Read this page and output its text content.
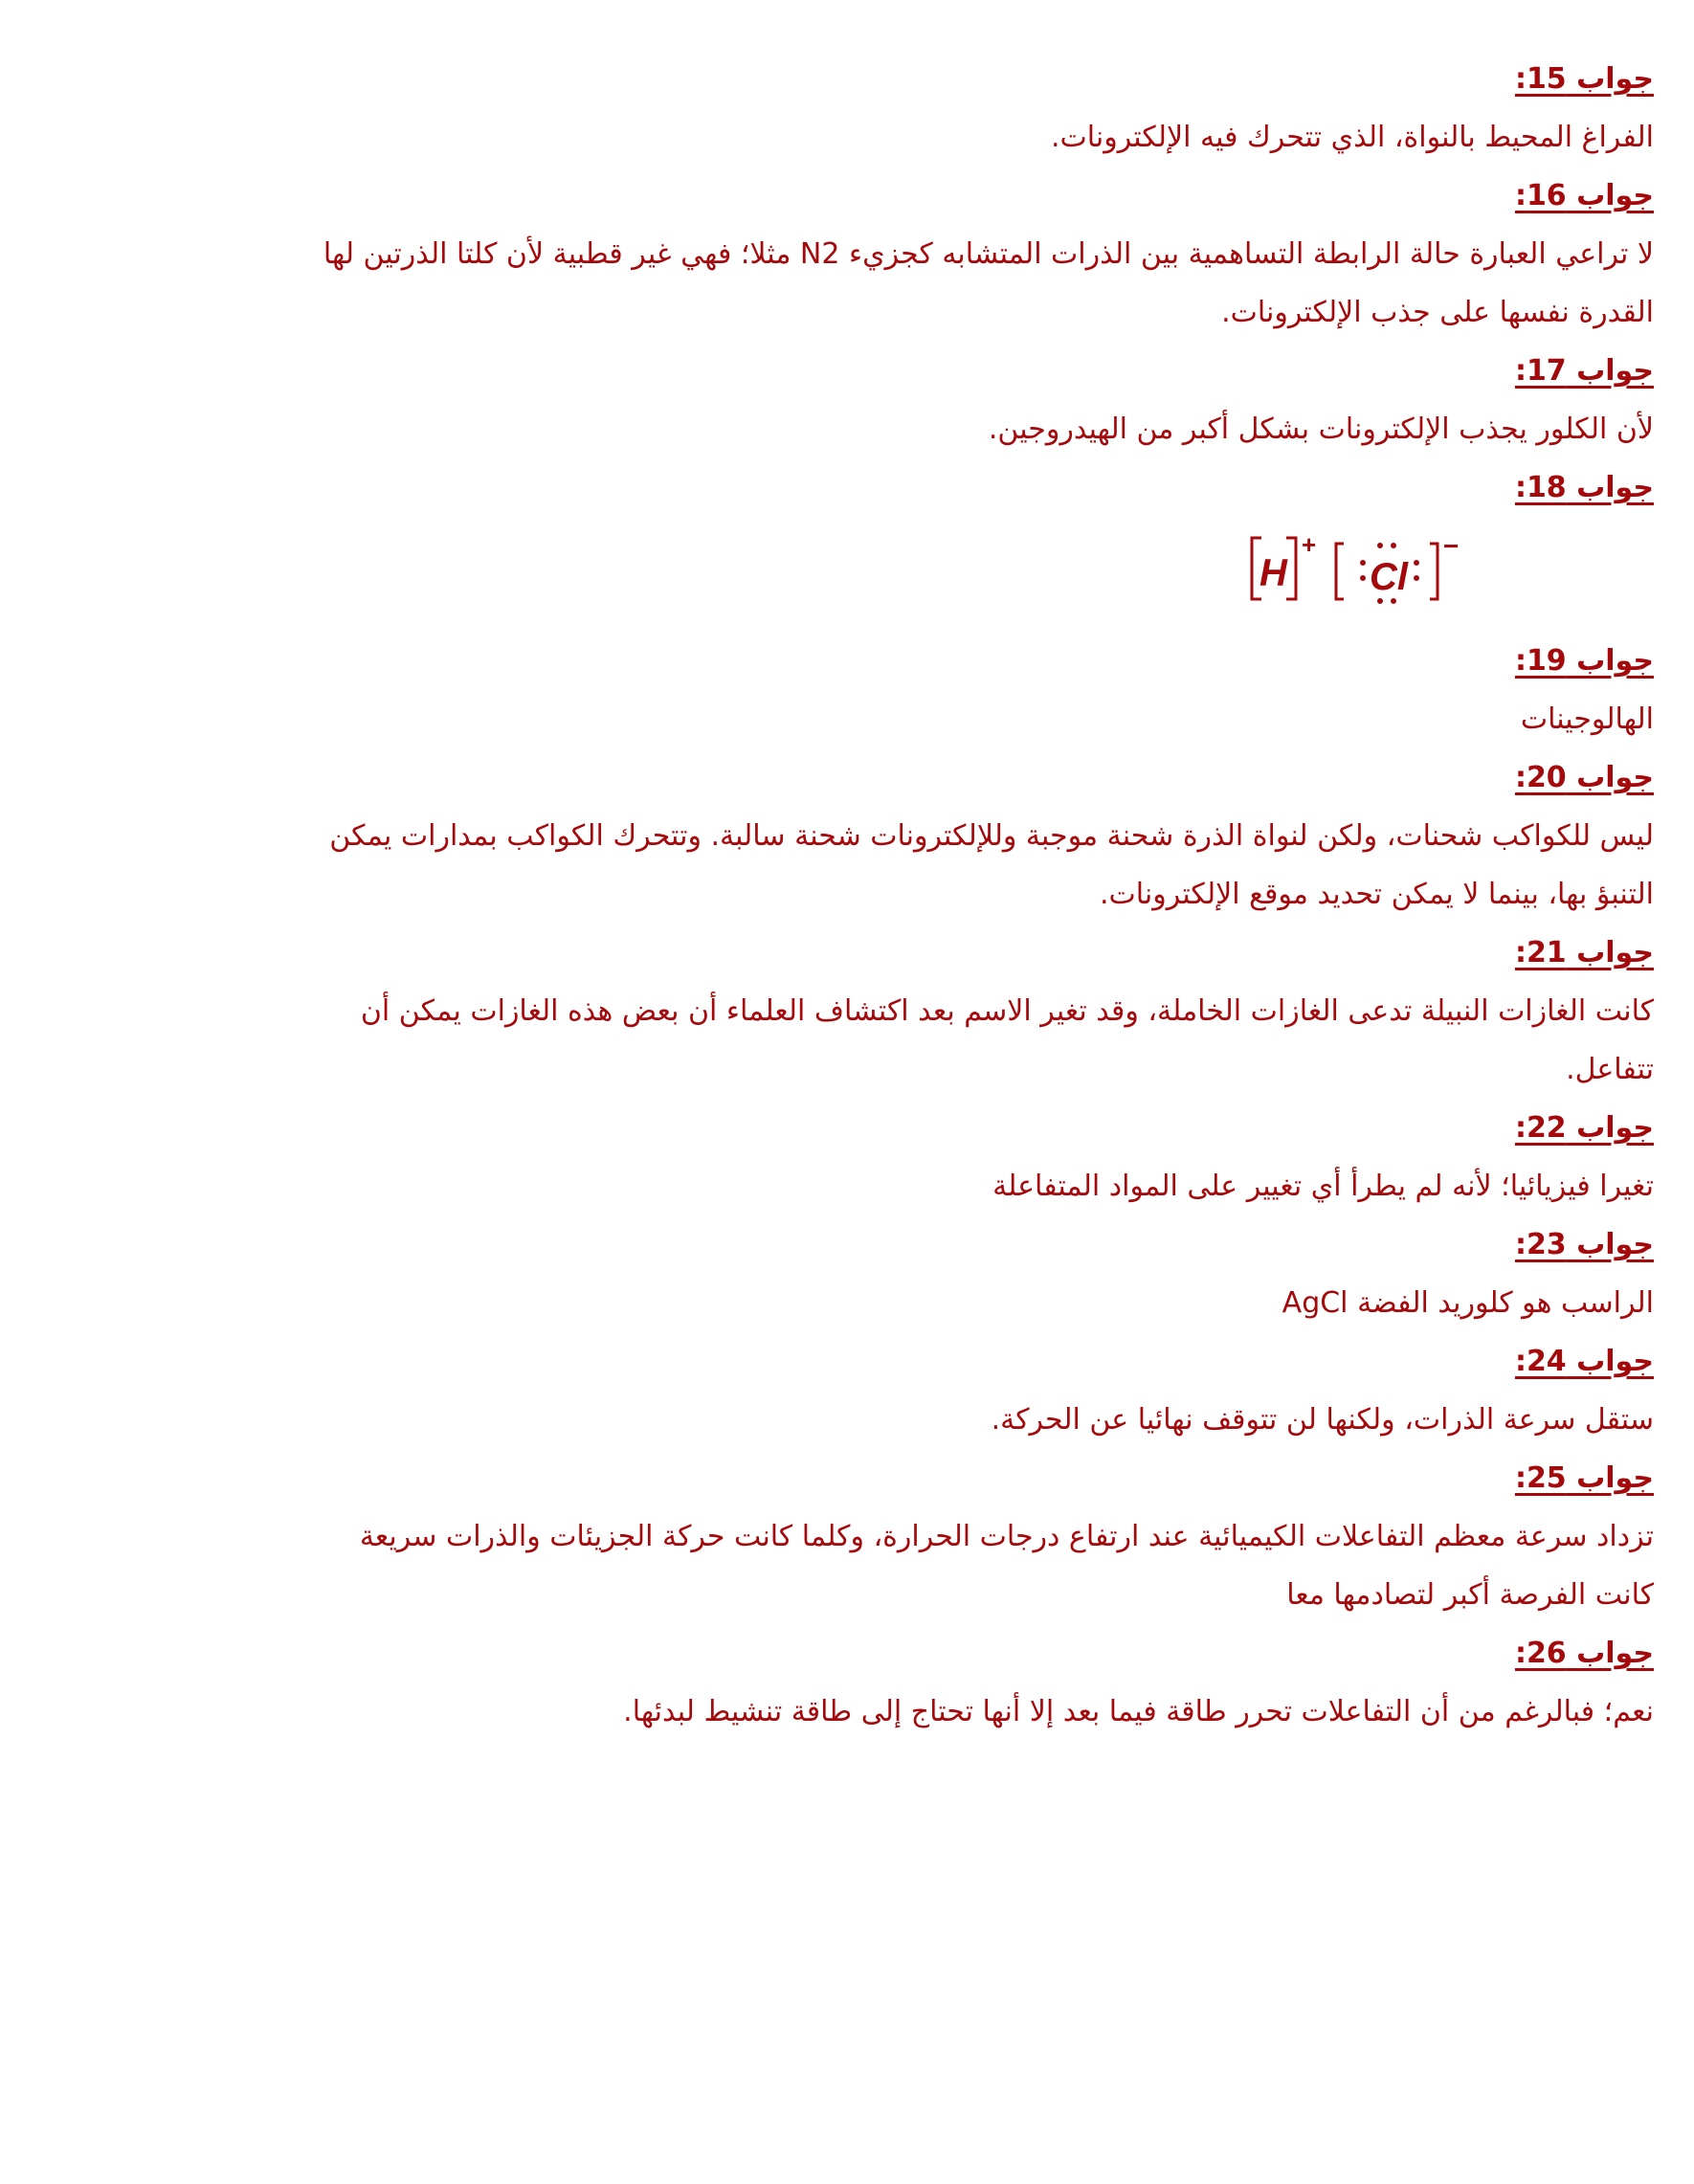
جواب 15:
الفراغ المحيط بالنواة، الذي تتحرك فيه الإلكترونات.
جواب 16:
لا تراعي العبارة حالة الرابطة التساهمية بين الذرات المتشابه كجزيء N2 مثلا؛ فهي غير قطبية لأن كلتا الذرتين لها
القدرة نفسها على جذب الإلكترونات.
جواب 17:
لأن الكلور يجذب الإلكترونات بشكل أكبر من الهيدروجين.
جواب 18:
H
+
Cl
−
جواب 19:
الهالوجينات
جواب 20:
ليس للكواكب شحنات، ولكن لنواة الذرة شحنة موجبة وللإلكترونات شحنة سالبة. وتتحرك الكواكب بمدارات يمكن
التنبؤ بها، بينما لا يمكن تحديد موقع الإلكترونات.
جواب 21:
كانت الغازات النبيلة تدعى الغازات الخاملة، وقد تغير الاسم بعد اكتشاف العلماء أن بعض هذه الغازات يمكن أن
تتفاعل.
جواب 22:
تغيرا فيزيائيا؛ لأنه لم يطرأ أي تغيير على المواد المتفاعلة
جواب 23:
الراسب هو كلوريد الفضة AgCl
جواب 24:
ستقل سرعة الذرات، ولكنها لن تتوقف نهائيا عن الحركة.
جواب 25:
تزداد سرعة معظم التفاعلات الكيميائية عند ارتفاع درجات الحرارة، وكلما كانت حركة الجزيئات والذرات سريعة
كانت الفرصة أكبر لتصادمها معا
جواب 26:
نعم؛ فبالرغم من أن التفاعلات تحرر طاقة فيما بعد إلا أنها تحتاج إلى طاقة تنشيط لبدئها.
